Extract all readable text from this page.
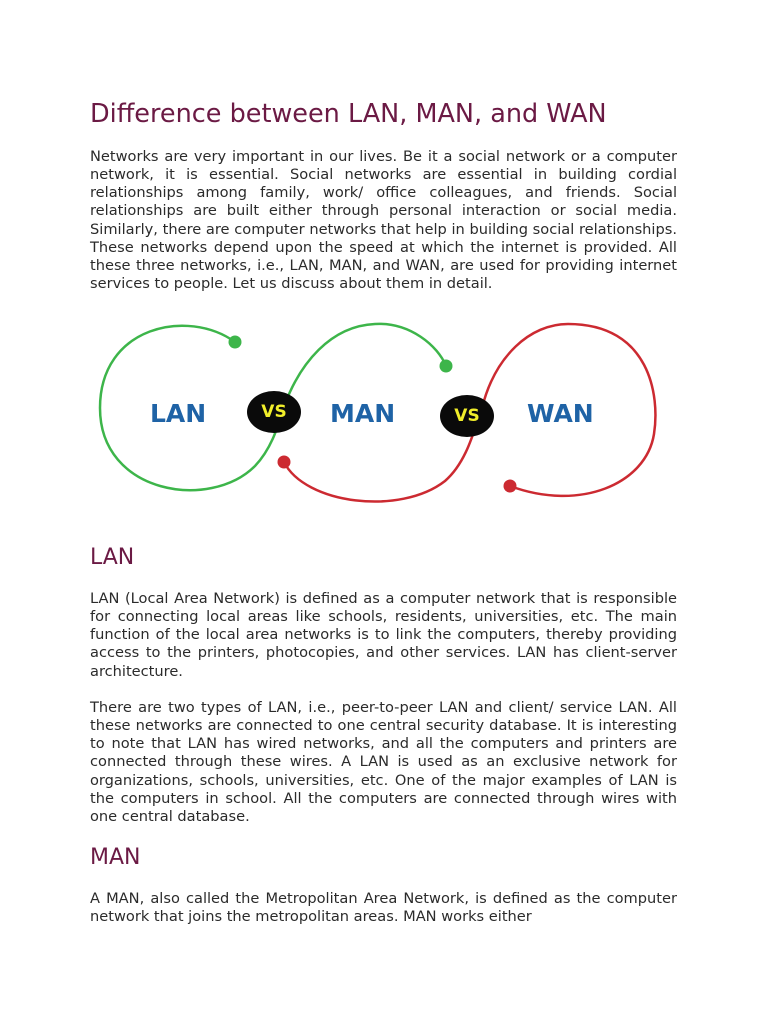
Difference between LAN, MAN, and WAN

Networks are very important in our lives. Be it a social network or a computer network, it is essential. Social networks are essential in building cordial relationships among family, work/ office colleagues, and friends. Social relationships are built either through personal interaction or social media. Similarly, there are computer networks that help in building social relationships. These networks depend upon the speed at which the internet is provided. All these three networks, i.e., LAN, MAN, and WAN, are used for providing internet services to people. Let us discuss about them in detail.

LAN	VS	MAN	VS	WAN
LAN

LAN (Local Area Network) is defined as a computer network that is responsible for connecting local areas like schools, residents, universities, etc. The main function of the local area networks is to link the computers, thereby providing access to the printers, photocopies, and other services. LAN has client-server architecture.

There are two types of LAN, i.e., peer-to-peer LAN and client/ service LAN. All these networks are connected to one central security database. It is interesting to note that LAN has wired networks, and all the computers and printers are connected through these wires. A LAN is used as an exclusive network for organizations, schools, universities, etc. One of the major examples of LAN is the computers in school. All the computers are connected through wires with one central database.

MAN

A MAN, also called the Metropolitan Area Network, is defined as the computer network that joins the metropolitan areas. MAN works either
